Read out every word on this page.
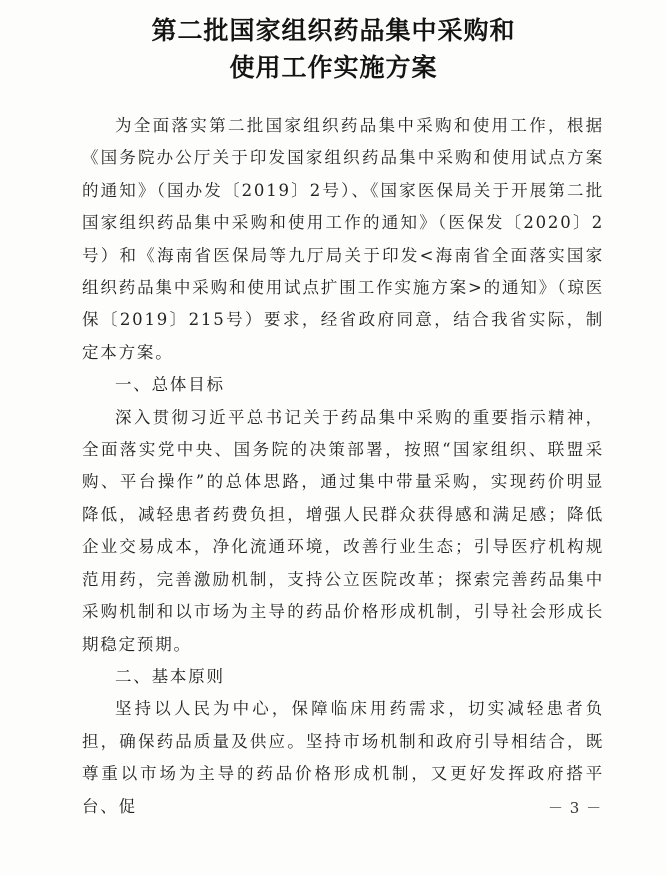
第二批国家组织药品集中采购和
使用工作实施方案

为全面落实第二批国家组织药品集中采购和使用工作，根据《国务院办公厅关于印发国家组织药品集中采购和使用试点方案的通知》（国办发〔2019〕2号）、《国家医保局关于开展第二批国家组织药品集中采购和使用工作的通知》（医保发〔2020〕2号）和《海南省医保局等九厅局关于印发<海南省全面落实国家组织药品集中采购和使用试点扩围工作实施方案>的通知》（琼医保〔2019〕215号）要求，经省政府同意，结合我省实际，制定本方案。

一、总体目标

深入贯彻习近平总书记关于药品集中采购的重要指示精神，全面落实党中央、国务院的决策部署，按照“国家组织、联盟采购、平台操作”的总体思路，通过集中带量采购，实现药价明显降低，减轻患者药费负担，增强人民群众获得感和满足感；降低企业交易成本，净化流通环境，改善行业生态；引导医疗机构规范用药，完善激励机制，支持公立医院改革；探索完善药品集中采购机制和以市场为主导的药品价格形成机制，引导社会形成长期稳定预期。

二、基本原则

坚持以人民为中心，保障临床用药需求，切实减轻患者负担，确保药品质量及供应。坚持市场机制和政府引导相结合，既尊重以市场为主导的药品价格形成机制，又更好发挥政府搭平台、促	－ 3 －
